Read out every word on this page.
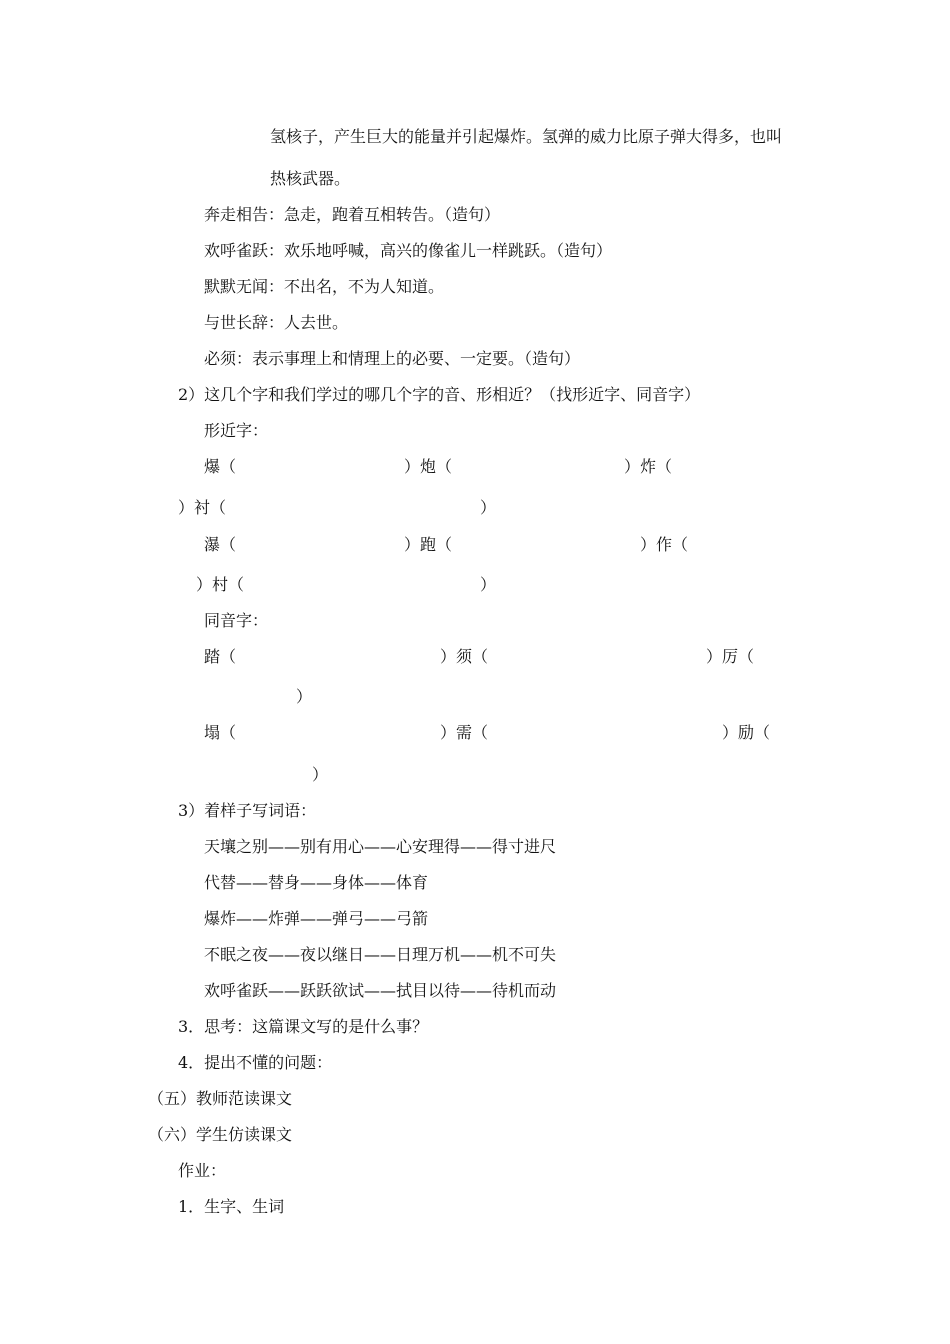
氢核子，产生巨大的能量并引起爆炸。氢弹的威力比原子弹大得多，也叫
热核武器。
奔走相告：急走，跑着互相转告。（造句）
欢呼雀跃：欢乐地呼喊，高兴的像雀儿一样跳跃。（造句）
默默无闻：不出名，不为人知道。
与世长辞：人去世。
必须：表示事理上和情理上的必要、一定要。（造句）
2）这几个字和我们学过的哪几个字的音、形相近？（找形近字、同音字）
形近字：
爆（	）炮（	）炸（
）衬（	）
瀑（	）跑（	）作（
）村（	）
同音字：
踏（	）须（	）厉（
）
塌（	）需（	）励（
）
3）着样子写词语：
天壤之别——别有用心——心安理得——得寸进尺
代替——替身——身体——体育
爆炸——炸弹——弹弓——弓箭
不眠之夜——夜以继日——日理万机——机不可失
欢呼雀跃——跃跃欲试——拭目以待——待机而动
3．思考：这篇课文写的是什么事？
4．提出不懂的问题：
（五）教师范读课文
（六）学生仿读课文
作业：
1．生字、生词
